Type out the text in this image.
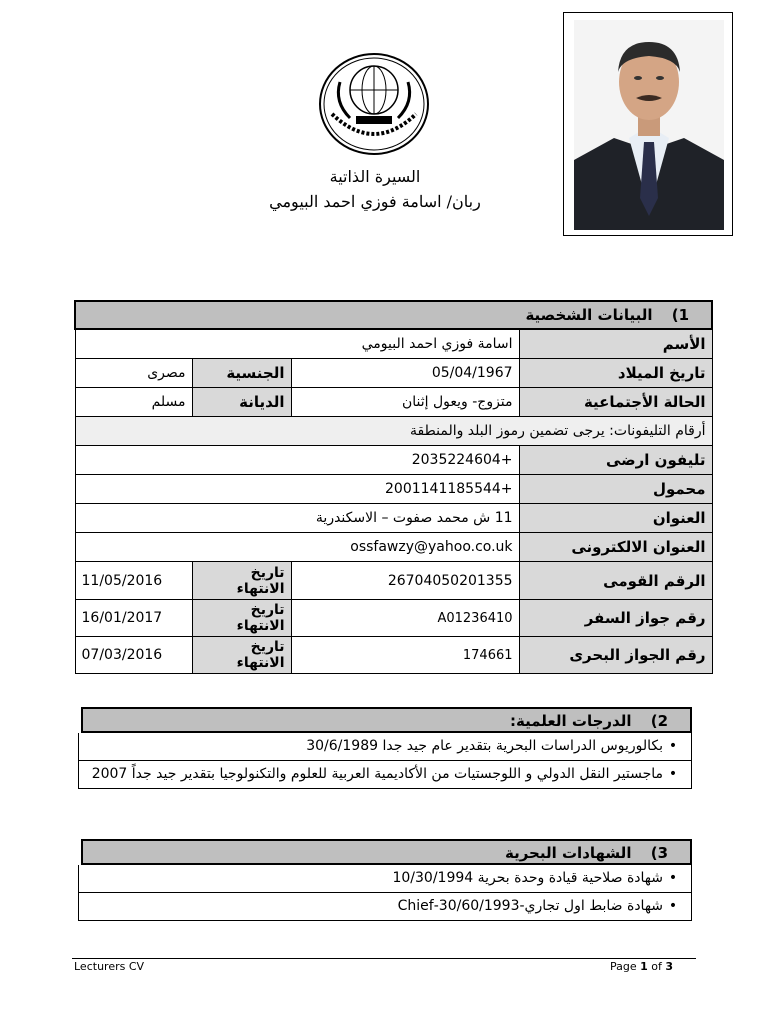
السيرة الذاتية
ربان/ اسامة فوزي احمد البيومي
1) البيانات الشخصية			
الأسم	اسامة فوزي احمد البيومي		
تاريخ الميلاد	05/04/1967	الجنسية	مصرى
الحالة الأجتماعية	متزوج- ويعول إثنان	الديانة	مسلم
أرقام التليفونات: يرجى تضمين رموز البلد والمنطقة			
تليفون ارضى	+2035224604		
محمول	+2001141185544		
العنوان	11 ش محمد صفوت – الاسكندرية		
العنوان الالكترونى	ossfawzy@yahoo.co.uk		
الرقم القومى	26704050201355	تاريخ الانتهاء	11/05/2016
رقم جواز السفر	A01236410	تاريخ الانتهاء	16/01/2017
رقم الجواز البحرى	174661	تاريخ الانتهاء	07/03/2016
2) الدرجات العلمية:
•
بكالوريوس الدراسات البحرية بتقدير عام جيد جدا 30/6/1989
•
ماجستير النقل الدولي و اللوجستيات من الأكاديمية العربية للعلوم والتكنولوجيا بتقدير جيد جداً 2007
3) الشهادات البحرية
•
شهادة صلاحية قيادة وحدة بحرية 10/30/1994
•
شهادة ضابط اول تجاري-30/60/1993-Chief
Lecturers CV	Page 1 of 3
